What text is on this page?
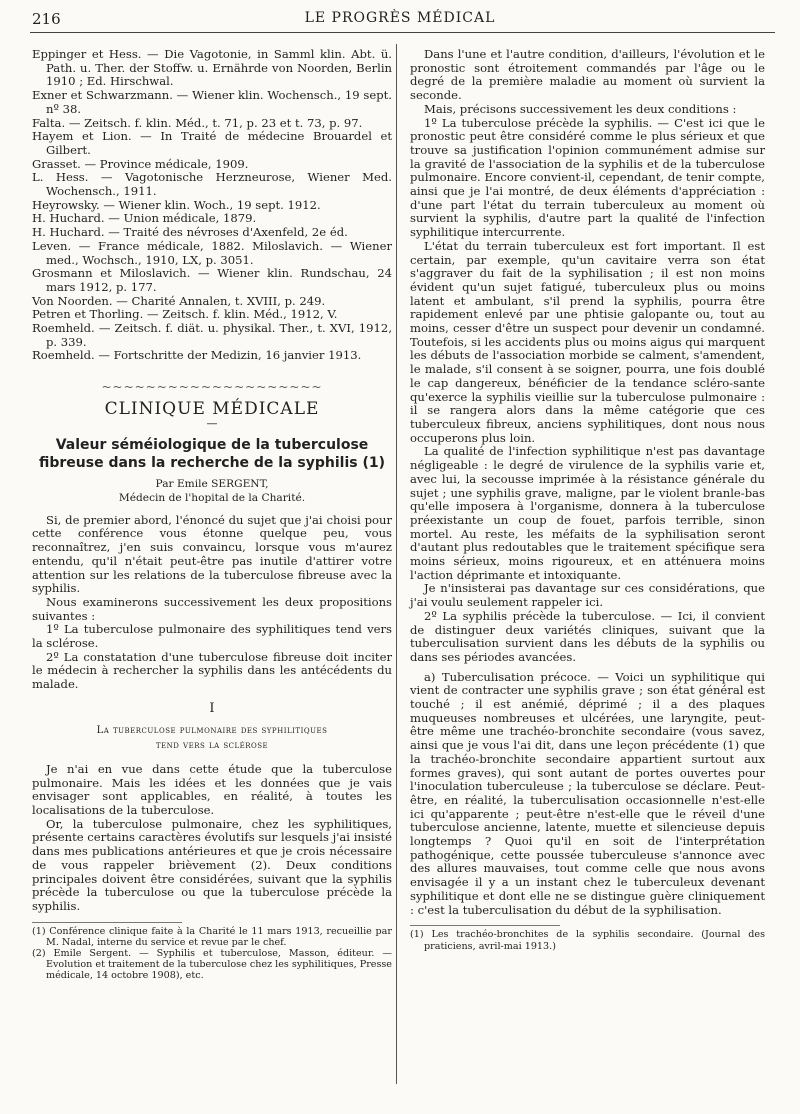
216	LE PROGRÈS MÉDICAL

Eppinger et Hess. — Die Vagotonie, in Samml klin. Abt. ü. Path. u. Ther. der Stoffw. u. Ernährde von Noorden, Berlin 1910 ; Ed. Hirschwal.

Exner et Schwarzmann. — Wiener klin. Wochensch., 19 sept. nº 38.

Falta. — Zeitsch. f. klin. Méd., t. 71, p. 23 et t. 73, p. 97.

Hayem et Lion. — In Traité de médecine Brouardel et Gilbert.

Grasset. — Province médicale, 1909.

L. Hess. — Vagotonische Herzneurose, Wiener Med. Wochensch., 1911.

Heyrowsky. — Wiener klin. Woch., 19 sept. 1912.

H. Huchard. — Union médicale, 1879.

H. Huchard. — Traité des névroses d'Axenfeld, 2e éd.

Leven. — France médicale, 1882. Miloslavich. — Wiener med., Wochsch., 1910, LX, p. 3051.

Grosmann et Miloslavich. — Wiener klin. Rundschau, 24 mars 1912, p. 177.

Von Noorden. — Charité Annalen, t. XVIII, p. 249.

Petren et Thorling. — Zeitsch. f. klin. Méd., 1912, V.

Roemheld. — Zeitsch. f. diät. u. physikal. Ther., t. XVI, 1912, p. 339.

Roemheld. — Fortschritte der Medizin, 16 janvier 1913.

~~~~~~~~~~~~~~~~~~~~
CLINIQUE MÉDICALE
—
Valeur séméiologique de la tuberculose fibreuse dans la recherche de la syphilis (1)

Par Emile SERGENT,

Médecin de l'hopital de la Charité.

Si, de premier abord, l'énoncé du sujet que j'ai choisi pour cette conférence vous étonne quelque peu, vous reconnaîtrez, j'en suis convaincu, lorsque vous m'aurez entendu, qu'il n'était peut-être pas inutile d'attirer votre attention sur les relations de la tuberculose fibreuse avec la syphilis.

Nous examinerons successivement les deux propositions suivantes :

1º La tuberculose pulmonaire des syphilitiques tend vers la sclérose.

2º La constatation d'une tuberculose fibreuse doit inciter le médecin à rechercher la syphilis dans les antécédents du malade.

I
La tuberculose pulmonaire des syphilitiques
tend vers la sclérose

Je n'ai en vue dans cette étude que la tuberculose pulmonaire. Mais les idées et les données que je vais envisager sont applicables, en réalité, à toutes les localisations de la tuberculose.

Or, la tuberculose pulmonaire, chez les syphilitiques, présente certains caractères évolutifs sur lesquels j'ai insisté dans mes publications antérieures et que je crois nécessaire de vous rappeler brièvement (2). Deux conditions principales doivent être considérées, suivant que la syphilis précède la tuberculose ou que la tuberculose précède la syphilis.

(1) Conférence clinique faite à la Charité le 11 mars 1913, recueillie par M. Nadal, interne du service et revue par le chef.

(2) Emile Sergent. — Syphilis et tuberculose, Masson, éditeur. — Evolution et traitement de la tuberculose chez les syphilitiques, Presse médicale, 14 octobre 1908), etc.

Dans l'une et l'autre condition, d'ailleurs, l'évolution et le pronostic sont étroitement commandés par l'âge ou le degré de la première maladie au moment où survient la seconde.

Mais, précisons successivement les deux conditions :

1º La tuberculose précède la syphilis. — C'est ici que le pronostic peut être considéré comme le plus sérieux et que trouve sa justification l'opinion communément admise sur la gravité de l'association de la syphilis et de la tuberculose pulmonaire. Encore convient-il, cependant, de tenir compte, ainsi que je l'ai montré, de deux éléments d'appréciation : d'une part l'état du terrain tuberculeux au moment où survient la syphilis, d'autre part la qualité de l'infection syphilitique intercurrente.

L'état du terrain tuberculeux est fort important. Il est certain, par exemple, qu'un cavitaire verra son état s'aggraver du fait de la syphilisation ; il est non moins évident qu'un sujet fatigué, tuberculeux plus ou moins latent et ambulant, s'il prend la syphilis, pourra être rapidement enlevé par une phtisie galopante ou, tout au moins, cesser d'être un suspect pour devenir un condamné. Toutefois, si les accidents plus ou moins aigus qui marquent les débuts de l'association morbide se calment, s'amendent, le malade, s'il consent à se soigner, pourra, une fois doublé le cap dangereux, bénéficier de la tendance scléro-sante qu'exerce la syphilis vieillie sur la tuberculose pulmonaire : il se rangera alors dans la même catégorie que ces tuberculeux fibreux, anciens syphilitiques, dont nous nous occuperons plus loin.

La qualité de l'infection syphilitique n'est pas davantage négligeable : le degré de virulence de la syphilis varie et, avec lui, la secousse imprimée à la résistance générale du sujet ; une syphilis grave, maligne, par le violent branle-bas qu'elle imposera à l'organisme, donnera à la tuberculose préexistante un coup de fouet, parfois terrible, sinon mortel. Au reste, les méfaits de la syphilisation seront d'autant plus redoutables que le traitement spécifique sera moins sérieux, moins rigoureux, et en atténuera moins l'action déprimante et intoxiquante.

Je n'insisterai pas davantage sur ces considérations, que j'ai voulu seulement rappeler ici.

2º La syphilis précède la tuberculose. — Ici, il convient de distinguer deux variétés cliniques, suivant que la tuberculisation survient dans les débuts de la syphilis ou dans ses périodes avancées.

a) Tuberculisation précoce. — Voici un syphilitique qui vient de contracter une syphilis grave ; son état général est touché ; il est anémié, déprimé ; il a des plaques muqueuses nombreuses et ulcérées, une laryngite, peut-être même une trachéo-bronchite secondaire (vous savez, ainsi que je vous l'ai dit, dans une leçon précédente (1) que la trachéo-bronchite secondaire appartient surtout aux formes graves), qui sont autant de portes ouvertes pour l'inoculation tuberculeuse ; la tuberculose se déclare. Peut-être, en réalité, la tuberculisation occasionnelle n'est-elle ici qu'apparente ; peut-être n'est-elle que le réveil d'une tuberculose ancienne, latente, muette et silencieuse depuis longtemps ? Quoi qu'il en soit de l'interprétation pathogénique, cette poussée tuberculeuse s'annonce avec des allures mauvaises, tout comme celle que nous avons envisagée il y a un instant chez le tuberculeux devenant syphilitique et dont elle ne se distingue guère cliniquement : c'est la tuberculisation du début de la syphilisation.

(1) Les trachéo-bronchites de la syphilis secondaire. (Journal des praticiens, avril-mai 1913.)
